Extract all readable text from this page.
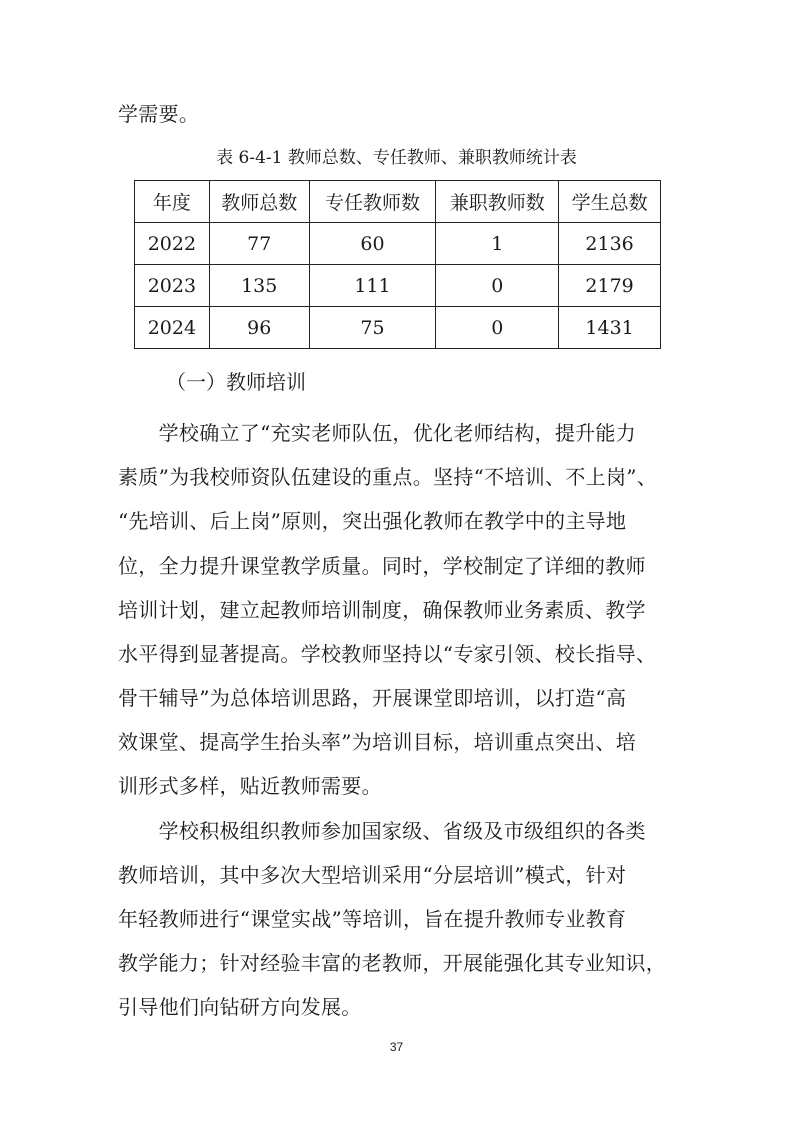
学需要。
表 6-4-1 教师总数、专任教师、兼职教师统计表
年度	教师总数	专任教师数	兼职教师数	学生总数
2022	77	60	1	2136
2023	135	111	0	2179
2024	96	75	0	1431
（一）教师培训
　　学校确立了“充实老师队伍，优化老师结构，提升能力
素质”为我校师资队伍建设的重点。坚持“不培训、不上岗”、
“先培训、后上岗”原则，突出强化教师在教学中的主导地
位，全力提升课堂教学质量。同时，学校制定了详细的教师
培训计划，建立起教师培训制度，确保教师业务素质、教学
水平得到显著提高。学校教师坚持以“专家引领、校长指导、
骨干辅导”为总体培训思路，开展课堂即培训，以打造“高
效课堂、提高学生抬头率”为培训目标，培训重点突出、培
训形式多样，贴近教师需要。
　　学校积极组织教师参加国家级、省级及市级组织的各类
教师培训，其中多次大型培训采用“分层培训”模式，针对
年轻教师进行“课堂实战”等培训，旨在提升教师专业教育
教学能力；针对经验丰富的老教师，开展能强化其专业知识，
引导他们向钻研方向发展。
37
